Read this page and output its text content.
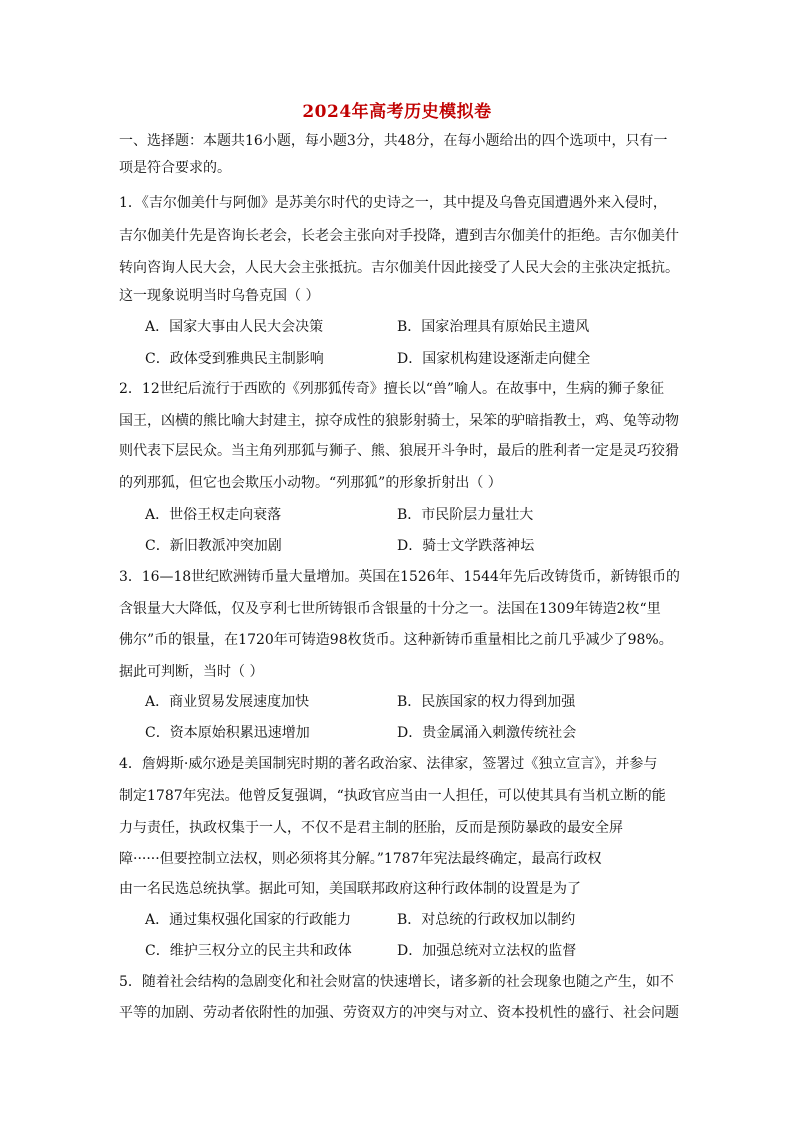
2024年高考历史模拟卷
一、选择题：本题共16小题，每小题3分，共48分，在每小题给出的四个选项中，只有一
项是符合要求的。
1．《吉尔伽美什与阿伽》是苏美尔时代的史诗之一，其中提及乌鲁克国遭遇外来入侵时，
吉尔伽美什先是咨询长老会，长老会主张向对手投降，遭到吉尔伽美什的拒绝。吉尔伽美什
转向咨询人民大会，人民大会主张抵抗。吉尔伽美什因此接受了人民大会的主张决定抵抗。
这一现象说明当时乌鲁克国（ ）
A．国家大事由人民大会决策	B．国家治理具有原始民主遗风
C．政体受到雅典民主制影响	D．国家机构建设逐渐走向健全
2．12世纪后流行于西欧的《列那狐传奇》擅长以“兽”喻人。在故事中，生病的狮子象征
国王，凶横的熊比喻大封建主，掠夺成性的狼影射骑士，呆笨的驴暗指教士，鸡、兔等动物
则代表下层民众。当主角列那狐与狮子、熊、狼展开斗争时，最后的胜利者一定是灵巧狡猾
的列那狐，但它也会欺压小动物。“列那狐”的形象折射出（ ）
A．世俗王权走向衰落	B．市民阶层力量壮大
C．新旧教派冲突加剧	D．骑士文学跌落神坛
3．16—18世纪欧洲铸币量大量增加。英国在1526年、1544年先后改铸货币，新铸银币的
含银量大大降低，仅及亨利七世所铸银币含银量的十分之一。法国在1309年铸造2枚“里
佛尔”币的银量，在1720年可铸造98枚货币。这种新铸币重量相比之前几乎减少了98%。
据此可判断，当时（ ）
A．商业贸易发展速度加快	B．民族国家的权力得到加强
C．资本原始积累迅速增加	D．贵金属涌入刺激传统社会
4．詹姆斯·威尔逊是美国制宪时期的著名政治家、法律家，签署过《独立宣言》，并参与
制定1787年宪法。他曾反复强调，“执政官应当由一人担任，可以使其具有当机立断的能
力与责任，执政权集于一人，不仅不是君主制的胚胎，反而是预防暴政的最安全屏
障······但要控制立法权，则必须将其分解。”1787年宪法最终确定，最高行政权
由一名民选总统执掌。据此可知，美国联邦政府这种行政体制的设置是为了
A．通过集权强化国家的行政能力	B．对总统的行政权加以制约
C．维护三权分立的民主共和政体	D．加强总统对立法权的监督
5．随着社会结构的急剧变化和社会财富的快速增长，诸多新的社会现象也随之产生，如不
平等的加剧、劳动者依附性的加强、劳资双方的冲突与对立、资本投机性的盛行、社会问题
